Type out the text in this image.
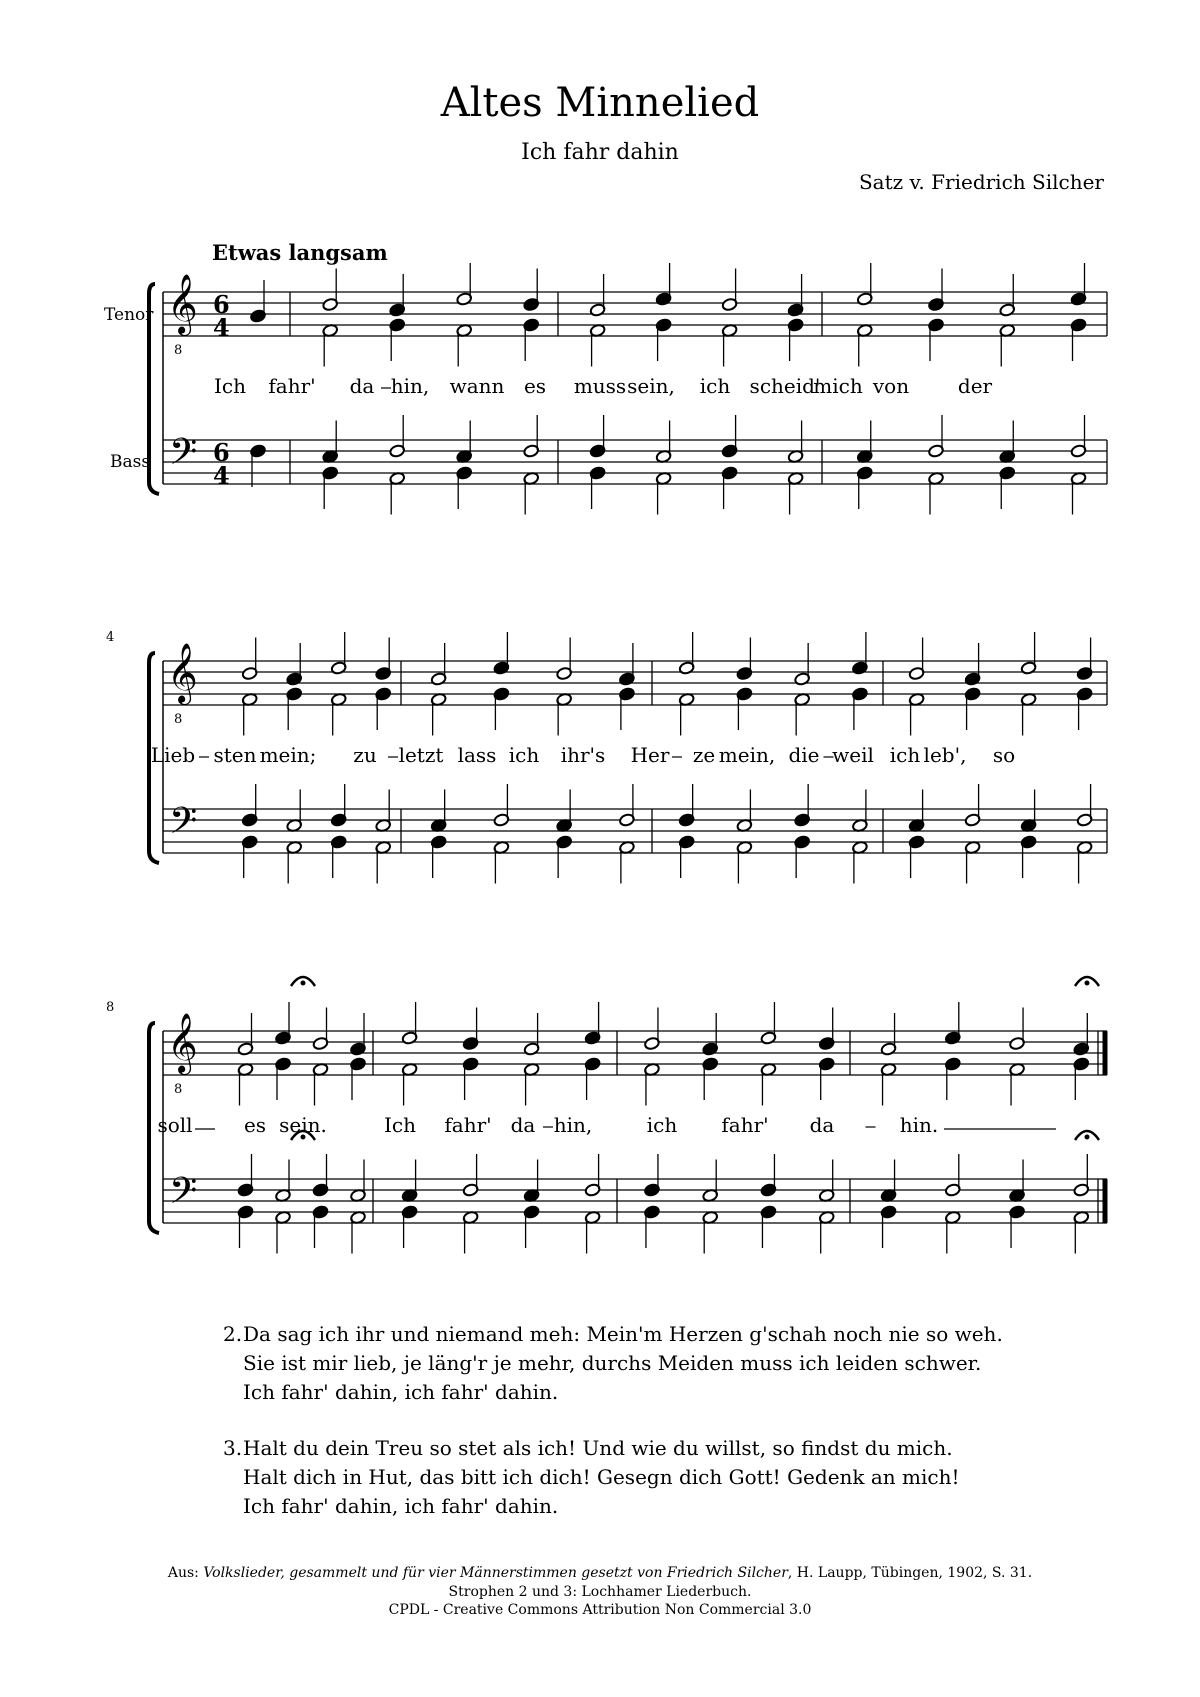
Altes Minnelied
Ich fahr dahin
Satz v. Friedrich Silcher
Etwas langsam
Tenor
Bass
4
8
𝄞
8
𝄢
6
4
6
4
𝄞
8
𝄢
𝄞
8
𝄢
Ich fahr' da hin, wann es muss sein, ich scheid'
mich von der
Lieb sten mein; zu letzt lass ich ihr's Her ze mein, die weil ich leb', so
soll	es sein.	Ich fahr' da hin,	ich fahr' da	hin.
2. Da sag ich ihr und niemand meh: Mein'm Herzen g'schah noch nie so weh.
Sie ist mir lieb, je läng'r je mehr, durchs Meiden muss ich leiden schwer.
Ich fahr' dahin, ich fahr' dahin.
3. Halt du dein Treu so stet als ich! Und wie du willst, so findst du mich.
Halt dich in Hut, das bitt ich dich! Gesegn dich Gott! Gedenk an mich!
Ich fahr' dahin, ich fahr' dahin.
Aus: Volkslieder, gesammelt und für vier Männerstimmen gesetzt von Friedrich Silcher, H. Laupp, Tübingen, 1902, S. 31.
Strophen 2 und 3: Lochhamer Liederbuch.
CPDL - Creative Commons Attribution Non Commercial 3.0
